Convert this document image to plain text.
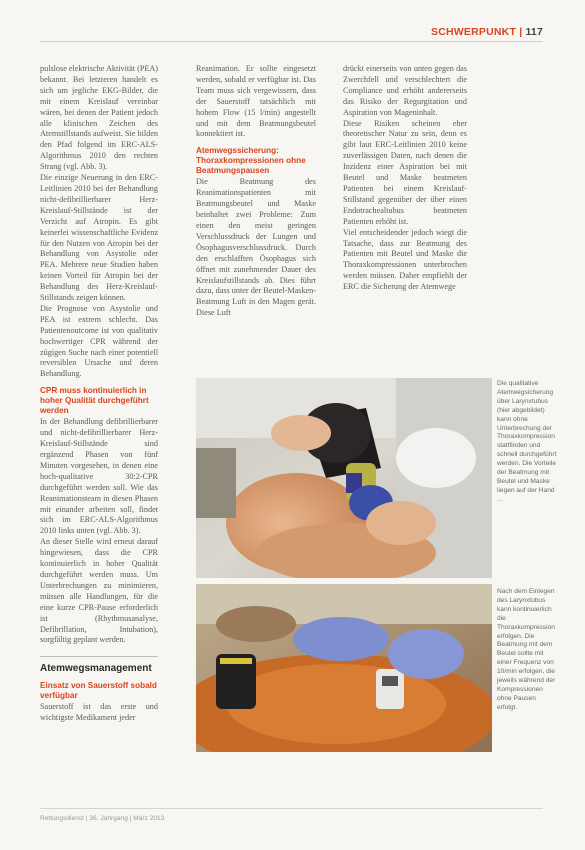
SCHWERPUNKT | 117

pulslose elektrische Aktivität (PEA) bekannt. Bei letzteren handelt es sich um jegliche EKG-Bilder, die mit einem Kreislauf vereinbar wären, bei denen der Patient jedoch alle klinischen Zeichen des Atemstillstands aufweist. Sie bilden den Pfad folgend im ERC-ALS-Algorithmus 2010 den rechten Strang (vgl. Abb. 3).

Die einzige Neuerung in den ERC-Leitlinien 2010 bei der Behandlung nicht-defibrillierbarer Herz-Kreislauf-Stillstände ist der Verzicht auf Atropin. Es gibt keinerlei wissenschaftliche Evidenz für den Nutzen von Atropin bei der Behandlung von Asystolie oder PEA. Mehrere neue Studien haben keinen Vorteil für Atropin bei der Behandlung des Herz-Kreislauf-Stillstands zeigen können.

Die Prognose von Asystolie und PEA ist extrem schlecht. Das Patientenoutcome ist von qualitativ hochwertiger CPR während der zügigen Suche nach einer potentiell reversiblen Ursache und deren Behandlung.

CPR muss kontinuierlich in hoher Qualität durchgeführt werden

In der Behandlung defibrillierbarer und nicht-defibrillierbarer Herz-Kreislauf-Stillstände sind ergänzend Phasen von fünf Minuten vorgesehen, in denen eine hoch-qualitative 30:2-CPR durchgeführt werden soll. Wie das Reanimationsteam in diesen Phasen mit einander arbeiten soll, findet sich im ERC-ALS-Algorithmus 2010 links unten (vgl. Abb. 3).

An dieser Stelle wird erneut darauf hingewiesen, dass die CPR kontinuierlich in hoher Qualität durchgeführt werden muss. Um Unterbrechungen zu minimieren, müssen alle Handlungen, für die eine kurze CPR-Pause erforderlich ist (Rhythmusanalyse, Defibrillation, Intubation), sorgfältig geplant werden.

Atemwegsmanagement
Einsatz von Sauerstoff sobald verfügbar

Sauerstoff ist das erste und wichtigste Medikament jeder

Reanimation. Er sollte eingesetzt werden, sobald er verfügbar ist. Das Team muss sich vergewissern, dass der Sauerstoff tatsächlich mit hohem Flow (15 l/min) angestellt und mit dem Beatmungsbeutel konnektiert ist.

Atemwegssicherung: Thoraxkompressionen ohne Beatmungspausen

Die Beatmung des Reanimationspatienten mit Beatmungsbeutel und Maske beinhaltet zwei Probleme: Zum einen den meist geringen Verschlussdruck der Lungen und Ösophagusverschlussdruck. Durch den erschlafften Ösophagus sich öffnet mit zunehmender Dauer des Kreislaufstillstands ab. Dies führt dazu, dass unter der Beutel-Masken-Beatmung Luft in den Magen gerät. Diese Luft

drückt einerseits von unten gegen das Zwerchfell und verschlechtert die Compliance und erhöht andererseits das Risiko der Regurgitation und Aspiration von Mageninhalt.

Diese Risiken scheinen eher theoretischer Natur zu sein, denn es gibt laut ERC-Leitlinien 2010 keine zuverlässigen Daten, nach denen die Inzidenz einer Aspiration bei mit Beutel und Maske beatmeten Patienten bei einem Kreislauf-Stillstand gegenüber der über einen Endotrachealtubus beatmeten Patienten erhöht ist.

Viel entscheidender jedoch wiegt die Tatsache, dass zur Beatmung des Patienten mit Beutel und Maske die Thoraxkompressionen unterbrochen werden müssen. Daher empfiehlt der ERC die Sicherung der Atemwege

Die qualitative Atemwegsicherung über Larynxtubus (hier abgebildet) kann ohne Unterbrechung der Thoraxkompression stattfinden und schnell durchgeführt werden. Die Vorteile der Beatmung mit Beutel und Maske liegen auf der Hand ...
Nach dem Einlegen des Larynxtubus kann kontinuierlich die Thoraxkompression erfolgen. Die Beatmung mit dem Beutel sollte mit einer Frequenz von 10/min erfolgen, die jeweils während der Kompressionen ohne Pausen erfolgt.
Rettungsdienst | 36. Jahrgang | März 2013
